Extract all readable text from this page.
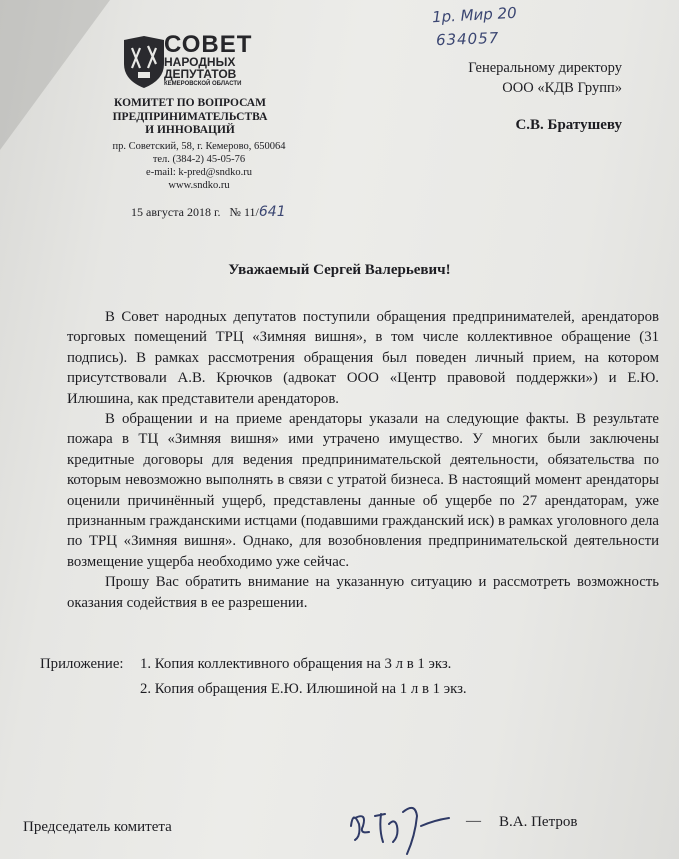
1р. Мир 20
634057
СОВЕТ
НАРОДНЫХ
ДЕПУТАТОВ
КЕМЕРОВСКОЙ ОБЛАСТИ
КОМИТЕТ ПО ВОПРОСАМ
ПРЕДПРИНИМАТЕЛЬСТВА
И ИННОВАЦИЙ
пр. Советский, 58, г. Кемерово, 650064
тел. (384-2) 45-05-76
e-mail: k-pred@sndko.ru
www.sndko.ru
15 августа 2018 г.   № 11/641
Генеральному директору
ООО «КДВ Групп»
С.В. Братушеву
Уважаемый Сергей Валерьевич!

В Совет народных депутатов поступили обращения предпринимателей, арендаторов торговых помещений ТРЦ «Зимняя вишня», в том числе коллективное обращение (31 подпись). В рамках рассмотрения обращения был поведен личный прием, на котором присутствовали А.В. Крючков (адвокат ООО «Центр правовой поддержки») и Е.Ю. Илюшина, как представители арендаторов.

В обращении и на приеме арендаторы указали на следующие факты. В результате пожара в ТЦ «Зимняя вишня» ими утрачено имущество. У многих были заключены кредитные договоры для ведения предпринимательской деятельности, обязательства по которым невозможно выполнять в связи с утратой бизнеса. В настоящий момент арендаторы оценили причинённый ущерб, представлены данные об ущербе по 27 арендаторам, уже признанным гражданскими истцами (подавшими гражданский иск) в рамках уголовного дела по ТРЦ «Зимняя вишня». Однако, для возобновления предпринимательской деятельности возмещение ущерба необходимо уже сейчас.

Прошу Вас обратить внимание на указанную ситуацию и рассмотреть возможность оказания содействия в ее разрешении.

Приложение: 1. Копия коллективного обращения на 3 л в 1 экз.
2. Копия обращения Е.Ю. Илюшиной на 1 л в 1 экз.
Председатель комитета	— В.А. Петров
